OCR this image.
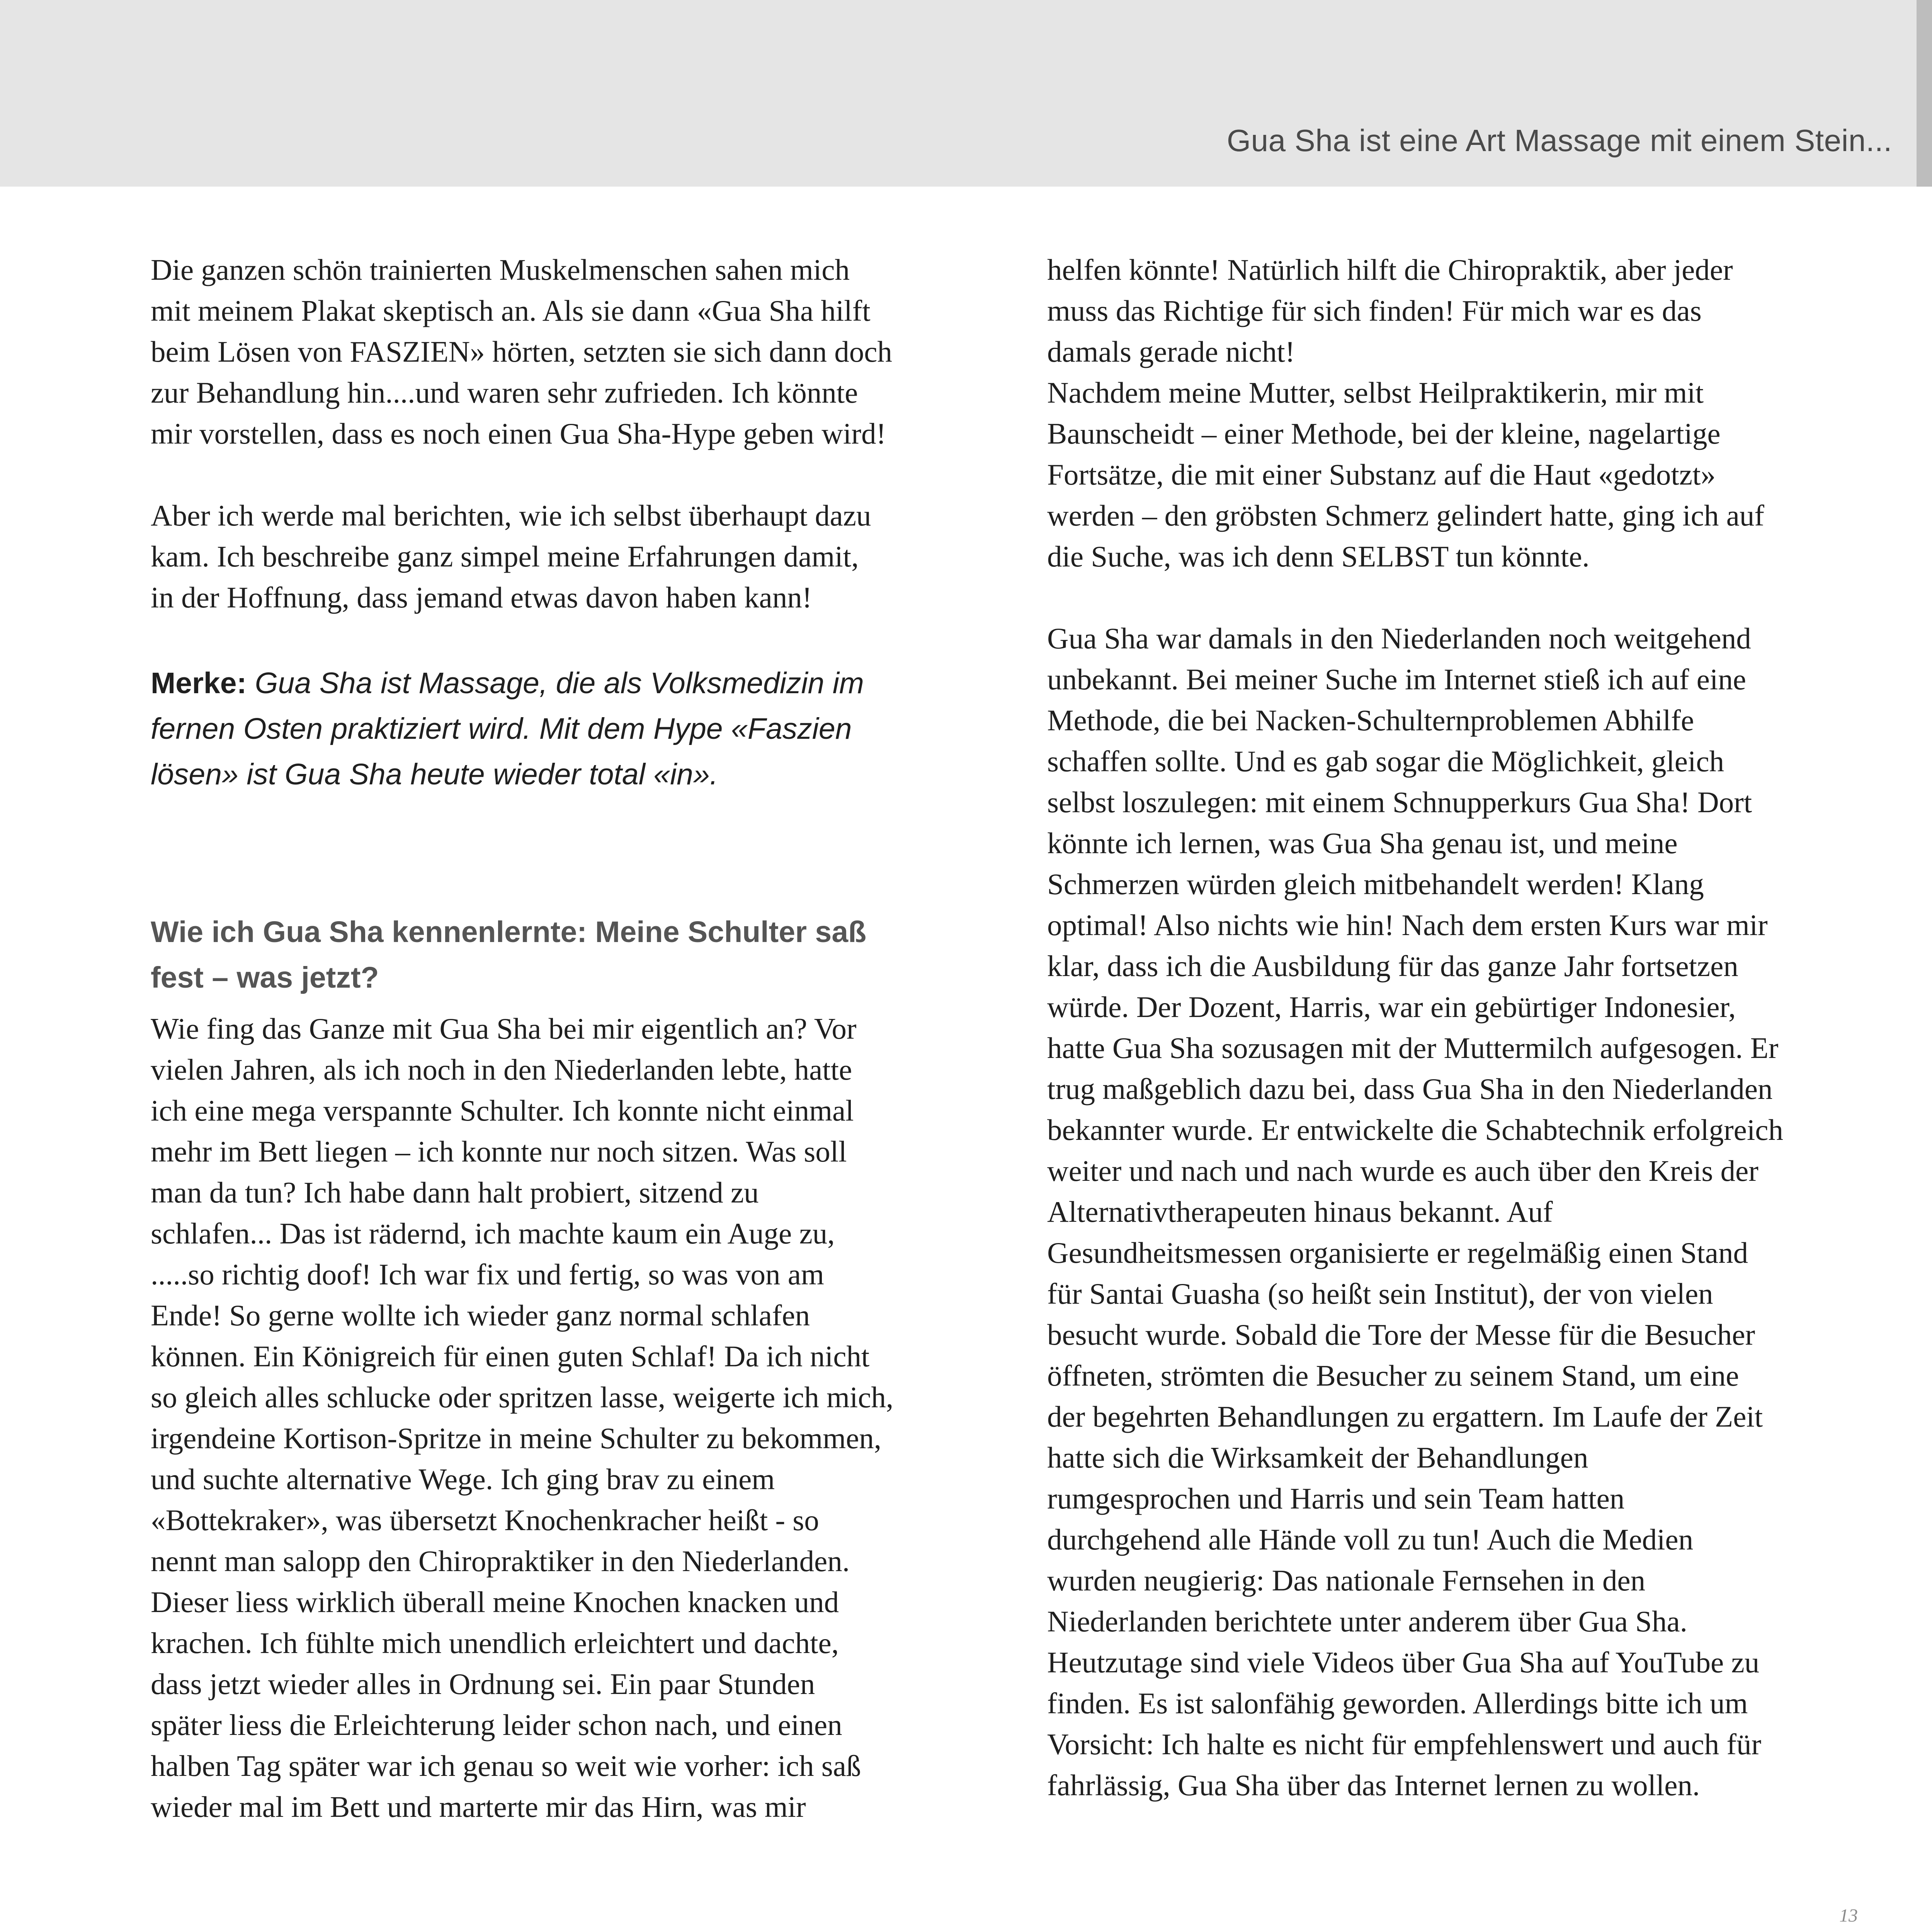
Gua Sha ist eine Art Massage mit einem Stein...

Die ganzen schön trainierten Muskelmenschen sahen mich
mit meinem Plakat skeptisch an. Als sie dann «Gua Sha hilft
beim Lösen von FASZIEN» hörten, setzten sie sich dann doch
zur Behandlung hin....und waren sehr zufrieden. Ich könnte
mir vorstellen, dass es noch einen Gua Sha-Hype geben wird!

Aber ich werde mal berichten, wie ich selbst überhaupt dazu
kam. Ich beschreibe ganz simpel meine Erfahrungen damit,
in der Hoffnung, dass jemand etwas davon haben kann!

Merke: Gua Sha ist Massage, die als Volksmedizin im
fernen Osten praktiziert wird. Mit dem Hype «Faszien
lösen» ist Gua Sha heute wieder total «in».

Wie ich Gua Sha kennenlernte: Meine Schulter saß
fest – was jetzt?

Wie fing das Ganze mit Gua Sha bei mir eigentlich an? Vor
vielen Jahren, als ich noch in den Niederlanden lebte, hatte
ich eine mega verspannte Schulter. Ich konnte nicht einmal
mehr im Bett liegen – ich konnte nur noch sitzen. Was soll
man da tun? Ich habe dann halt probiert, sitzend zu
schlafen... Das ist rädernd, ich machte kaum ein Auge zu,
.....so richtig doof! Ich war fix und fertig, so was von am
Ende! So gerne wollte ich wieder ganz normal schlafen
können. Ein Königreich für einen guten Schlaf! Da ich nicht
so gleich alles schlucke oder spritzen lasse, weigerte ich mich,
irgendeine Kortison-Spritze in meine Schulter zu bekommen,
und suchte alternative Wege. Ich ging brav zu einem
«Bottekraker», was übersetzt Knochenkracher heißt - so
nennt man salopp den Chiropraktiker in den Niederlanden.
Dieser liess wirklich überall meine Knochen knacken und
krachen. Ich fühlte mich unendlich erleichtert und dachte,
dass jetzt wieder alles in Ordnung sei. Ein paar Stunden
später liess die Erleichterung leider schon nach, und einen
halben Tag später war ich genau so weit wie vorher: ich saß
wieder mal im Bett und marterte mir das Hirn, was mir

helfen könnte! Natürlich hilft die Chiropraktik, aber jeder
muss das Richtige für sich finden! Für mich war es das
damals gerade nicht!
Nachdem meine Mutter, selbst Heilpraktikerin, mir mit
Baunscheidt – einer Methode, bei der kleine, nagelartige
Fortsätze, die mit einer Substanz auf die Haut «gedotzt»
werden – den gröbsten Schmerz gelindert hatte, ging ich auf
die Suche, was ich denn SELBST tun könnte.

Gua Sha war damals in den Niederlanden noch weitgehend
unbekannt. Bei meiner Suche im Internet stieß ich auf eine
Methode, die bei Nacken-Schulternproblemen Abhilfe
schaffen sollte. Und es gab sogar die Möglichkeit, gleich
selbst loszulegen: mit einem Schnupperkurs Gua Sha! Dort
könnte ich lernen, was Gua Sha genau ist, und meine
Schmerzen würden gleich mitbehandelt werden! Klang
optimal! Also nichts wie hin! Nach dem ersten Kurs war mir
klar, dass ich die Ausbildung für das ganze Jahr fortsetzen
würde. Der Dozent, Harris, war ein gebürtiger Indonesier,
hatte Gua Sha sozusagen mit der Muttermilch aufgesogen. Er
trug maßgeblich dazu bei, dass Gua Sha in den Niederlanden
bekannter wurde. Er entwickelte die Schabtechnik erfolgreich
weiter und nach und nach wurde es auch über den Kreis der
Alternativtherapeuten hinaus bekannt. Auf
Gesundheitsmessen organisierte er regelmäßig einen Stand
für Santai Guasha (so heißt sein Institut), der von vielen
besucht wurde. Sobald die Tore der Messe für die Besucher
öffneten, strömten die Besucher zu seinem Stand, um eine
der begehrten Behandlungen zu ergattern. Im Laufe der Zeit
hatte sich die Wirksamkeit der Behandlungen
rumgesprochen und Harris und sein Team hatten
durchgehend alle Hände voll zu tun! Auch die Medien
wurden neugierig: Das nationale Fernsehen in den
Niederlanden berichtete unter anderem über Gua Sha.
Heutzutage sind viele Videos über Gua Sha auf YouTube zu
finden. Es ist salonfähig geworden. Allerdings bitte ich um
Vorsicht: Ich halte es nicht für empfehlenswert und auch für
fahrlässig, Gua Sha über das Internet lernen zu wollen.

13
